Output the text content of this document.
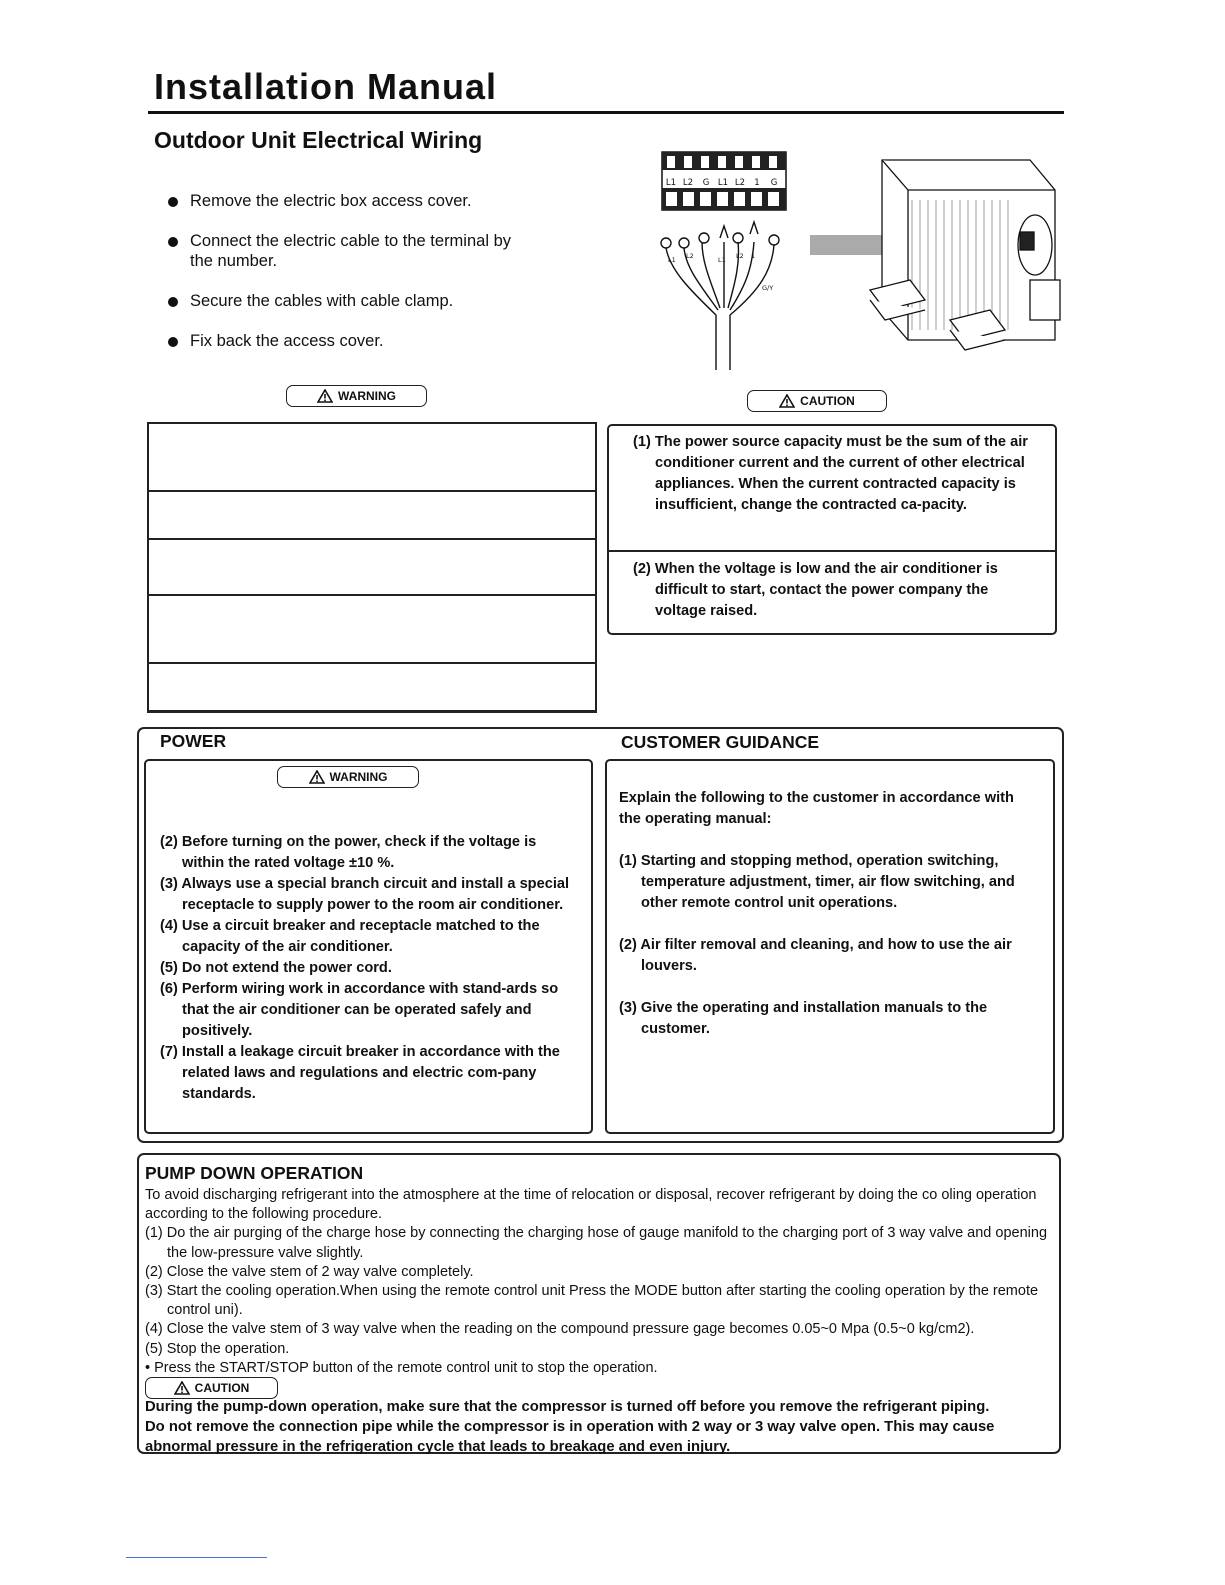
Installation Manual
Outdoor Unit Electrical Wiring
Remove the electric box access cover.
Connect the electric cable to the terminal by the number.
Secure the cables with cable clamp.
Fix back the access cover.
L1 L2 G L1 L2 1 G
L1 L2	L1 L2 1
G/Y
WARNING	CAUTION

(1) The power source capacity must be the sum of the air conditioner current and the current of other electrical appliances. When the current contracted capacity is insufficient, change the contracted ca-pacity.

(2) When the voltage is low and the air conditioner is difficult to start, contact the power company the voltage raised.

POWER	CUSTOMER GUIDANCE
WARNING

(2) Before turning on the power, check if the voltage is within the rated voltage ±10 %.

(3) Always use a special branch circuit and install a special receptacle to supply power to the room air conditioner.

(4) Use a circuit breaker and receptacle matched to the capacity of the air conditioner.

(5) Do not extend the power cord.

(6) Perform wiring work in accordance with stand-ards so that the air conditioner can be operated safely and positively.

(7) Install a leakage circuit breaker in accordance with the related laws and regulations and electric com-pany standards.

Explain the following to the customer in accordance with the operating manual:

(1) Starting and stopping method, operation switching, temperature adjustment, timer, air flow switching, and other remote control unit operations.

(2) Air filter removal and cleaning, and how to use the air louvers.

(3) Give the operating and installation manuals to the customer.

PUMP DOWN OPERATION

To avoid discharging refrigerant into the atmosphere at the time of relocation or disposal, recover refrigerant by doing the co oling operation according to the following procedure.

(1) Do the air purging of the charge hose by connecting the charging hose of gauge manifold to the charging port of 3 way valve and opening the low-pressure valve slightly.

(2) Close the valve stem of 2 way valve completely.

(3) Start the cooling operation.When using the remote control unit Press the MODE button after starting the cooling operation by the remote control uni).

(4) Close the valve stem of 3 way valve when the reading on the compound pressure gage becomes 0.05~0 Mpa (0.5~0 kg/cm2).

(5) Stop the operation.

• Press the START/STOP button of the remote control unit to stop the operation.

CAUTION

During the pump-down operation, make sure that the compressor is turned off before you remove the refrigerant piping.

Do not remove the connection pipe while the compressor is in operation with 2 way or 3 way valve open. This may cause

abnormal pressure in the refrigeration cycle that leads to breakage and even injury.
